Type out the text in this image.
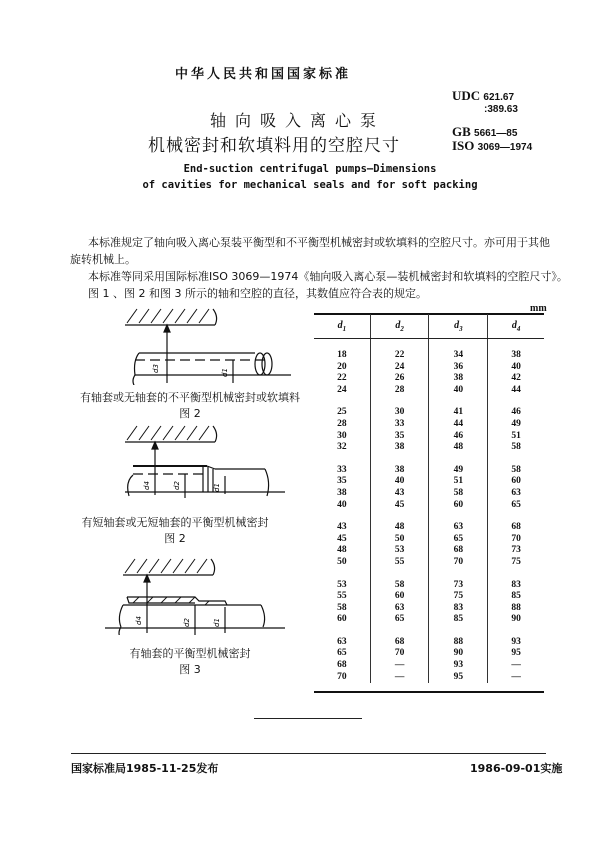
中华人民共和国国家标准
轴向吸入离心泵
机械密封和软填料用的空腔尺寸
End-suction centrifugal pumps—Dimensions
of cavities for mechanical seals and for soft packing
UDC 621.67
:389.63
GB 5661—85
ISO 3069—1974
本标准规定了轴向吸入离心泵装平衡型和不平衡型机械密封或软填料的空腔尺寸。亦可用于其他
旋转机械上。
本标准等同采用国际标准ISO 3069—1974《轴向吸入离心泵—装机械密封和软填料的空腔尺寸》。
图 1 、图 2 和图 3 所示的轴和空腔的直径，其数值应符合表的规定。
d3	d1
有轴套或无轴套的不平衡型机械密封或软填料
图 2
d4	d2	d1
有短轴套或无短轴套的平衡型机械密封
图 2
d4	d2	d1
有轴套的平衡型机械密封
图 3
mm
$d_1$	$d_2$	$d_3$	$d_4$

18	22	34	38
20	24	36	40
22	26	38	42
24	28	40	44

25	30	41	46
28	33	44	49
30	35	46	51
32	38	48	58

33	38	49	58
35	40	51	60
38	43	58	63
40	45	60	65

43	48	63	68
45	50	65	70
48	53	68	73
50	55	70	75

53	58	73	83
55	60	75	85
58	63	83	88
60	65	85	90

63	68	88	93
65	70	90	95
68	—	93	—
70	—	95	—
国家标准局1985-11-25发布	1986-09-01实施
